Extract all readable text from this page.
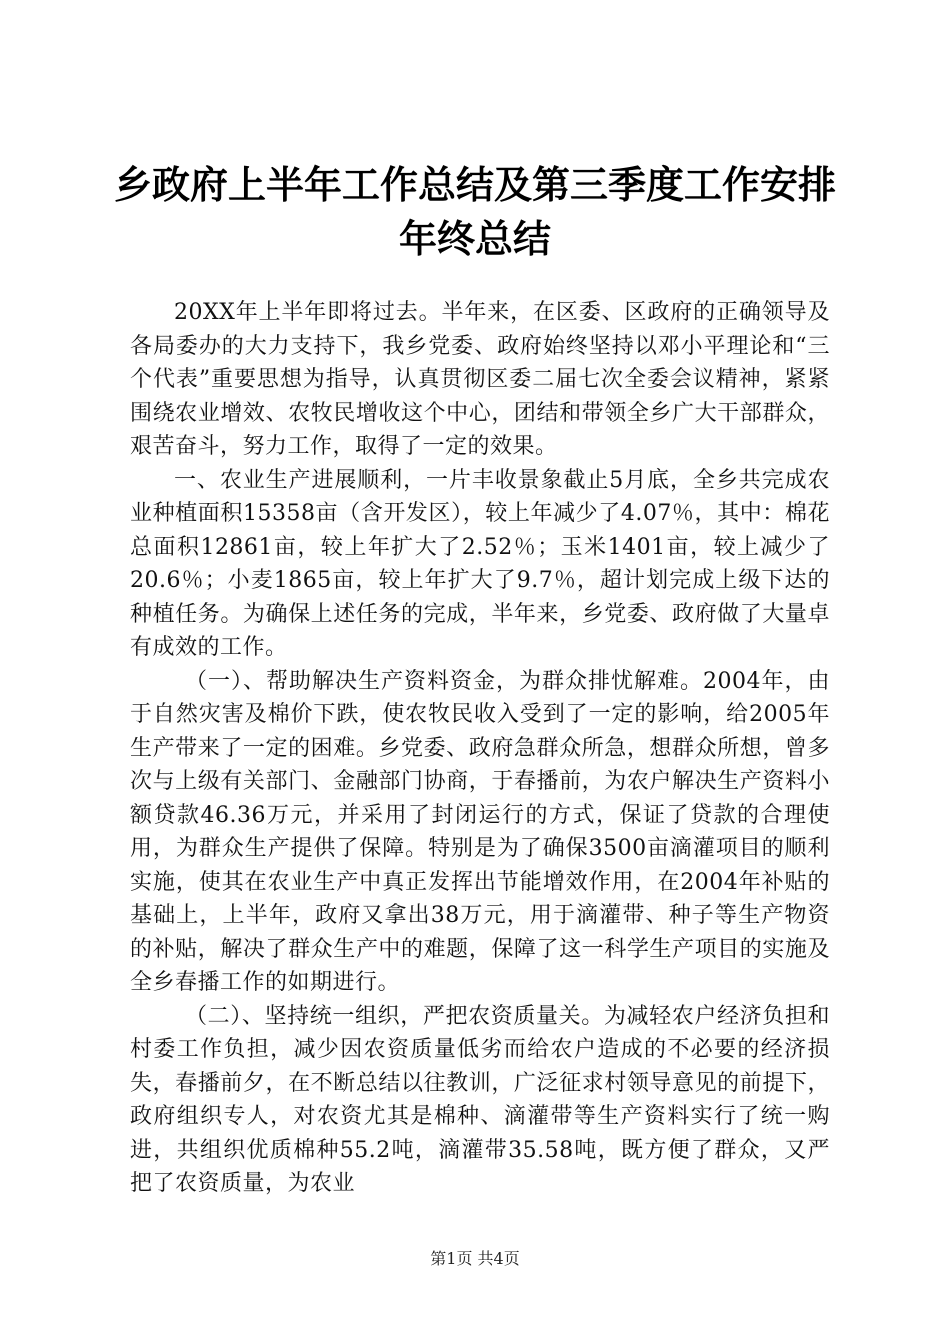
乡政府上半年工作总结及第三季度工作安排年终总结

20XX年上半年即将过去。半年来，在区委、区政府的正确领导及各局委办的大力支持下，我乡党委、政府始终坚持以邓小平理论和“三个代表”重要思想为指导，认真贯彻区委二届七次全委会议精神，紧紧围绕农业增效、农牧民增收这个中心，团结和带领全乡广大干部群众，艰苦奋斗，努力工作，取得了一定的效果。

一、农业生产进展顺利，一片丰收景象截止5月底，全乡共完成农业种植面积15358亩（含开发区），较上年减少了4.07％，其中：棉花总面积12861亩，较上年扩大了2.52％；玉米1401亩，较上减少了20.6％；小麦1865亩，较上年扩大了9.7％，超计划完成上级下达的种植任务。为确保上述任务的完成，半年来，乡党委、政府做了大量卓有成效的工作。

（一）、帮助解决生产资料资金，为群众排忧解难。2004年，由于自然灾害及棉价下跌，使农牧民收入受到了一定的影响，给2005年生产带来了一定的困难。乡党委、政府急群众所急，想群众所想，曾多次与上级有关部门、金融部门协商，于春播前，为农户解决生产资料小额贷款46.36万元，并采用了封闭运行的方式，保证了贷款的合理使用，为群众生产提供了保障。特别是为了确保3500亩滴灌项目的顺利实施，使其在农业生产中真正发挥出节能增效作用，在2004年补贴的基础上，上半年，政府又拿出38万元，用于滴灌带、种子等生产物资的补贴，解决了群众生产中的难题，保障了这一科学生产项目的实施及全乡春播工作的如期进行。

（二）、坚持统一组织，严把农资质量关。为减轻农户经济负担和村委工作负担，减少因农资质量低劣而给农户造成的不必要的经济损失，春播前夕，在不断总结以往教训，广泛征求村领导意见的前提下，政府组织专人，对农资尤其是棉种、滴灌带等生产资料实行了统一购进，共组织优质棉种55.2吨，滴灌带35.58吨，既方便了群众，又严把了农资质量，为农业

第1页 共4页
